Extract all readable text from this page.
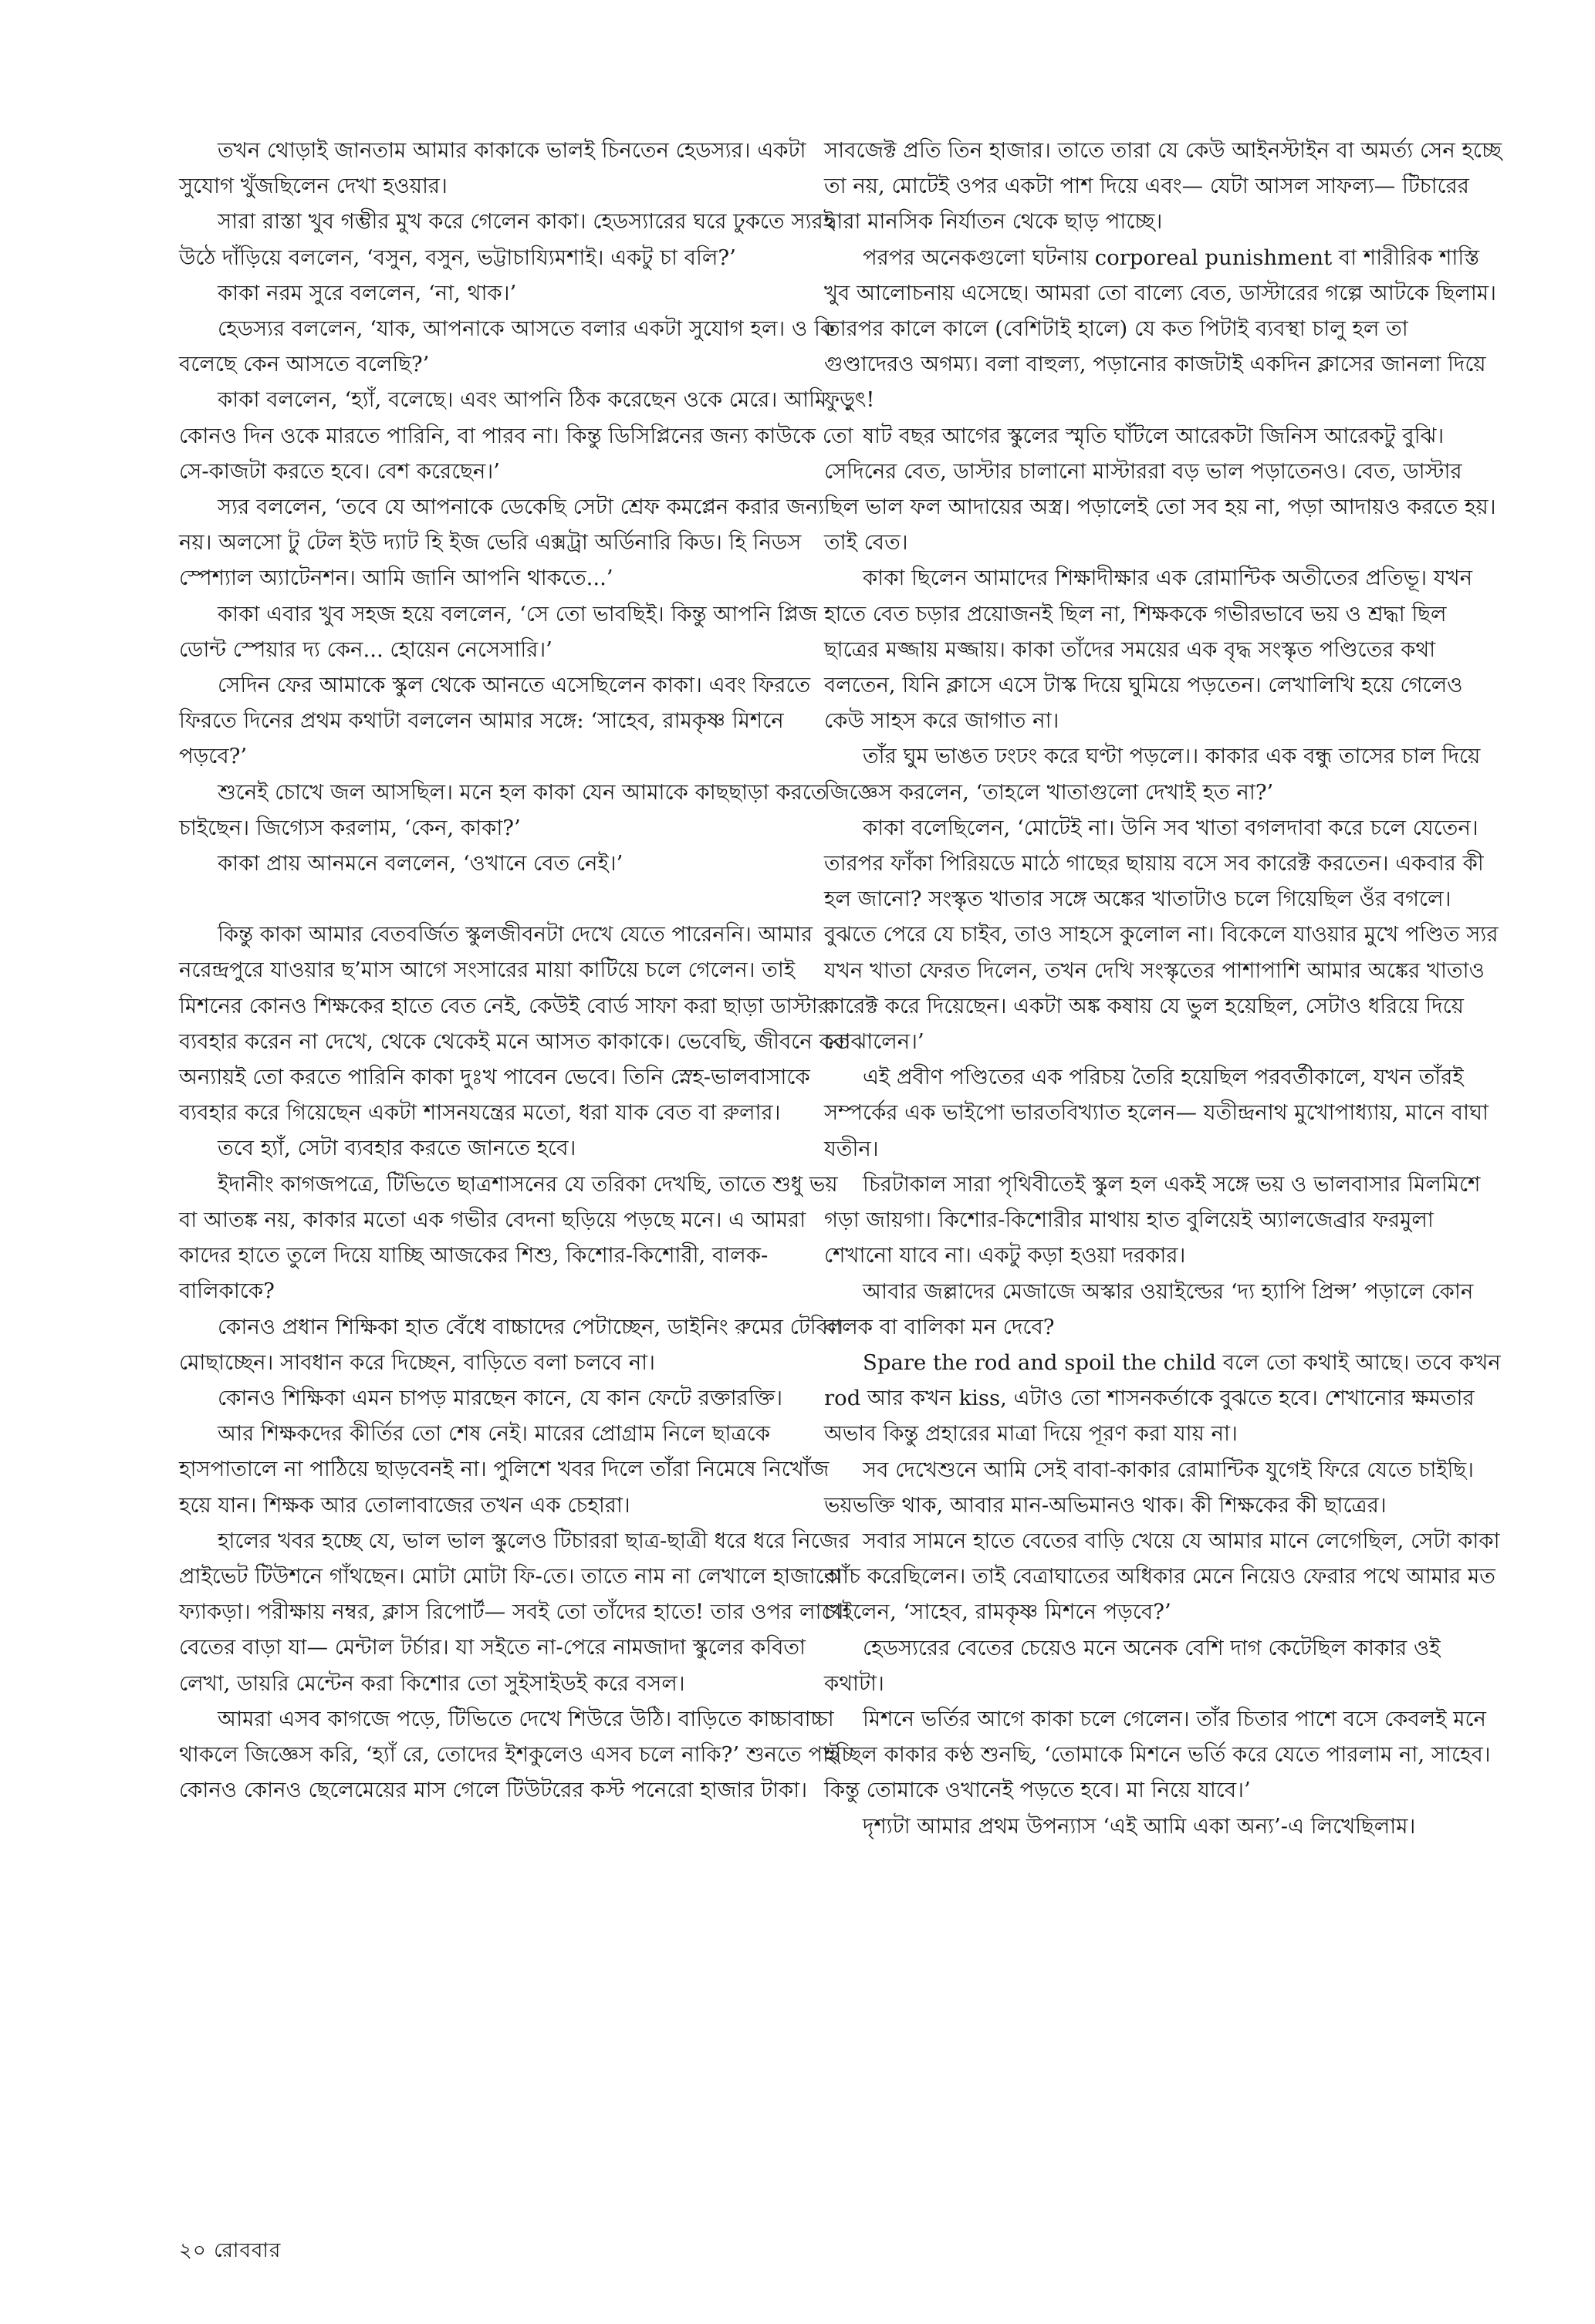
তখন থোড়াই জানতাম আমার কাকাকে ভালই চিনতেন হেডস্যর। একটা সুযোগ খুঁজছিলেন দেখা হওয়ার।

সারা রাস্তা খুব গম্ভীর মুখ করে গেলেন কাকা। হেডস্যারের ঘরে ঢুকতে স্যরই উঠে দাঁড়িয়ে বললেন, ‘বসুন, বসুন, ভট্টাচায্যিমশাই। একটু চা বলি?’

কাকা নরম সুরে বললেন, ‘না, থাক।’

হেডস্যর বললেন, ‘যাক, আপনাকে আসতে বলার একটা সুযোগ হল। ও কি বলেছে কেন আসতে বলেছি?’

কাকা বললেন, ‘হ্যাঁ, বলেছে। এবং আপনি ঠিক করেছেন ওকে মেরে। আমি কোনও দিন ওকে মারতে পারিনি, বা পারব না। কিন্তু ডিসিপ্লিনের জন্য কাউকে তো সে-কাজটা করতে হবে। বেশ করেছেন।’

স্যর বললেন, ‘তবে যে আপনাকে ডেকেছি সেটা শ্রেফ কমপ্লেন করার জন্য নয়। অলসো টু টেল ইউ দ্যাট হি ইজ ভেরি এক্সট্রা অর্ডিনারি কিড। হি নিডস স্পেশ্যাল অ্যাটেনশন। আমি জানি আপনি থাকতে...’

কাকা এবার খুব সহজ হয়ে বললেন, ‘সে তো ভাবছিই। কিন্তু আপনি প্লিজ ডোন্ট স্পেয়ার দ্য কেন... হোয়েন নেসেসারি।’

সেদিন ফের আমাকে স্কুল থেকে আনতে এসেছিলেন কাকা। এবং ফিরতে ফিরতে দিনের প্রথম কথাটা বললেন আমার সঙ্গে: ‘সাহেব, রামকৃষ্ণ মিশনে পড়বে?’

শুনেই চোখে জল আসছিল। মনে হল কাকা যেন আমাকে কাছছাড়া করতে চাইছেন। জিগ্যেস করলাম, ‘কেন, কাকা?’

কাকা প্রায় আনমনে বললেন, ‘ওখানে বেত নেই।’

কিন্তু কাকা আমার বেতবর্জিত স্কুলজীবনটা দেখে যেতে পারেননি। আমার নরেন্দ্রপুরে যাওয়ার ছ’মাস আগে সংসারের মায়া কাটিয়ে চলে গেলেন। তাই মিশনের কোনও শিক্ষকের হাতে বেত নেই, কেউই বোর্ড সাফা করা ছাড়া ডাস্টার ব্যবহার করেন না দেখে, থেকে থেকেই মনে আসত কাকাকে। ভেবেছি, জীবনে কত অন্যায়ই তো করতে পারিনি কাকা দুঃখ পাবেন ভেবে। তিনি স্নেহ-ভালবাসাকে ব্যবহার করে গিয়েছেন একটা শাসনযন্ত্রের মতো, ধরা যাক বেত বা রুলার।

তবে হ্যাঁ, সেটা ব্যবহার করতে জানতে হবে।

ইদানীং কাগজপত্রে, টিভিতে ছাত্রশাসনের যে তরিকা দেখছি, তাতে শুধু ভয় বা আতঙ্ক নয়, কাকার মতো এক গভীর বেদনা ছড়িয়ে পড়ছে মনে। এ আমরা কাদের হাতে তুলে দিয়ে যাচ্ছি আজকের শিশু, কিশোর-কিশোরী, বালক-বালিকাকে?

কোনও প্রধান শিক্ষিকা হাত বেঁধে বাচ্চাদের পেটাচ্ছেন, ডাইনিং রুমের টেবিল মোছাচ্ছেন। সাবধান করে দিচ্ছেন, বাড়িতে বলা চলবে না।

কোনও শিক্ষিকা এমন চাপড় মারছেন কানে, যে কান ফেটে রক্তারক্তি।

আর শিক্ষকদের কীর্তির তো শেষ নেই। মারের প্রোগ্রাম নিলে ছাত্রকে হাসপাতালে না পাঠিয়ে ছাড়বেনই না। পুলিশে খবর দিলে তাঁরা নিমেষে নিখোঁজ হয়ে যান। শিক্ষক আর তোলাবাজের তখন এক চেহারা।

হালের খবর হচ্ছে যে, ভাল ভাল স্কুলেও টিচাররা ছাত্র-ছাত্রী ধরে ধরে নিজের প্রাইভেট টিউশনে গাঁথছেন। মোটা মোটা ফি-তে। তাতে নাম না লেখালে হাজারো ফ্যাকড়া। পরীক্ষায় নম্বর, ক্লাস রিপোর্ট— সবই তো তাঁদের হাতে! তার ওপর লাখো বেতের বাড়া যা— মেন্টাল টর্চার। যা সইতে না-পেরে নামজাদা স্কুলের কবিতা লেখা, ডায়রি মেন্টেন করা কিশোর তো সুইসাইডই করে বসল।

আমরা এসব কাগজে পড়ে, টিভিতে দেখে শিউরে উঠি। বাড়িতে কাচ্চাবাচ্চা থাকলে জিজ্ঞেস করি, ‘হ্যাঁ রে, তোদের ইশকুলেও এসব চলে নাকি?’ শুনতে পাই কোনও কোনও ছেলেমেয়ের মাস গেলে টিউটরের কস্ট পনেরো হাজার টাকা।

সাবজেক্ট প্রতি তিন হাজার। তাতে তারা যে কেউ আইনস্টাইন বা অমর্ত্য সেন হচ্ছে তা নয়, মোটেই ওপর একটা পাশ দিয়ে এবং— যেটা আসল সাফল্য— টিচারের দ্বারা মানসিক নির্যাতন থেকে ছাড় পাচ্ছে।

পরপর অনেকগুলো ঘটনায় corporeal punishment বা শারীরিক শাস্তি খুব আলোচনায় এসেছে। আমরা তো বাল্যে বেত, ডাস্টারের গল্পে আটকে ছিলাম। তারপর কালে কালে (বেশিটাই হালে) যে কত পিটাই ব্যবস্থা চালু হল তা গুণ্ডাদেরও অগম্য। বলা বাহুল্য, পড়ানোর কাজটাই একদিন ক্লাসের জানলা দিয়ে ফুড়ুৎ!

ষাট বছর আগের স্কুলের স্মৃতি ঘাঁটলে আরেকটা জিনিস আরেকটু বুঝি। সেদিনের বেত, ডাস্টার চালানো মাস্টাররা বড় ভাল পড়াতেনও। বেত, ডাস্টার ছিল ভাল ফল আদায়ের অস্ত্র। পড়ালেই তো সব হয় না, পড়া আদায়ও করতে হয়। তাই বেত।

কাকা ছিলেন আমাদের শিক্ষাদীক্ষার এক রোমান্টিক অতীতের প্রতিভূ। যখন হাতে বেত চড়ার প্রয়োজনই ছিল না, শিক্ষককে গভীরভাবে ভয় ও শ্রদ্ধা ছিল ছাত্রের মজ্জায় মজ্জায়। কাকা তাঁদের সময়ের এক বৃদ্ধ সংস্কৃত পণ্ডিতের কথা বলতেন, যিনি ক্লাসে এসে টাস্ক দিয়ে ঘুমিয়ে পড়তেন। লেখালিখি হয়ে গেলেও কেউ সাহস করে জাগাত না।

তাঁর ঘুম ভাঙত ঢংঢং করে ঘণ্টা পড়লে।। কাকার এক বন্ধু তাসের চাল দিয়ে জিজ্ঞেস করলেন, ‘তাহলে খাতাগুলো দেখাই হত না?’

কাকা বলেছিলেন, ‘মোটেই না। উনি সব খাতা বগলদাবা করে চলে যেতেন। তারপর ফাঁকা পিরিয়ডে মাঠে গাছের ছায়ায় বসে সব কারেক্ট করতেন। একবার কী হল জানো? সংস্কৃত খাতার সঙ্গে অঙ্কের খাতাটাও চলে গিয়েছিল ওঁর বগলে। বুঝতে পেরে যে চাইব, তাও সাহসে কুলোল না। বিকেলে যাওয়ার মুখে পণ্ডিত স্যর যখন খাতা ফেরত দিলেন, তখন দেখি সংস্কৃতের পাশাপাশি আমার অঙ্কের খাতাও কারেক্ট করে দিয়েছেন। একটা অঙ্ক কষায় যে ভুল হয়েছিল, সেটাও ধরিয়ে দিয়ে বোঝালেন।’

এই প্রবীণ পণ্ডিতের এক পরিচয় তৈরি হয়েছিল পরবর্তীকালে, যখন তাঁরই সম্পর্কের এক ভাইপো ভারতবিখ্যাত হলেন— যতীন্দ্রনাথ মুখোপাধ্যায়, মানে বাঘা যতীন।

চিরটাকাল সারা পৃথিবীতেই স্কুল হল একই সঙ্গে ভয় ও ভালবাসার মিলমিশে গড়া জায়গা। কিশোর-কিশোরীর মাথায় হাত বুলিয়েই অ্যালজেব্রার ফরমুলা শেখানো যাবে না। একটু কড়া হওয়া দরকার।

আবার জল্লাদের মেজাজে অস্কার ওয়াইল্ডের ‘দ্য হ্যাপি প্রিন্স’ পড়ালে কোন বালক বা বালিকা মন দেবে?

Spare the rod and spoil the child বলে তো কথাই আছে। তবে কখন rod আর কখন kiss, এটাও তো শাসনকর্তাকে বুঝতে হবে। শেখানোর ক্ষমতার অভাব কিন্তু প্রহারের মাত্রা দিয়ে পূরণ করা যায় না।

সব দেখেশুনে আমি সেই বাবা-কাকার রোমান্টিক যুগেই ফিরে যেতে চাইছি। ভয়ভক্তি থাক, আবার মান-অভিমানও থাক। কী শিক্ষকের কী ছাত্রের।

সবার সামনে হাতে বেতের বাড়ি খেয়ে যে আমার মানে লেগেছিল, সেটা কাকা আঁচ করেছিলেন। তাই বেত্রাঘাতের অধিকার মেনে নিয়েও ফেরার পথে আমার মত চাইলেন, ‘সাহেব, রামকৃষ্ণ মিশনে পড়বে?’

হেডস্যরের বেতের চেয়েও মনে অনেক বেশি দাগ কেটেছিল কাকার ওই কথাটা।

মিশনে ভর্তির আগে কাকা চলে গেলেন। তাঁর চিতার পাশে বসে কেবলই মনে হচ্ছিল কাকার কণ্ঠ শুনছি, ‘তোমাকে মিশনে ভর্তি করে যেতে পারলাম না, সাহেব। কিন্তু তোমাকে ওখানেই পড়তে হবে। মা নিয়ে যাবে।’

দৃশ্যটা আমার প্রথম উপন্যাস ‘এই আমি একা অন্য’-এ লিখেছিলাম।

২০ রোববার
